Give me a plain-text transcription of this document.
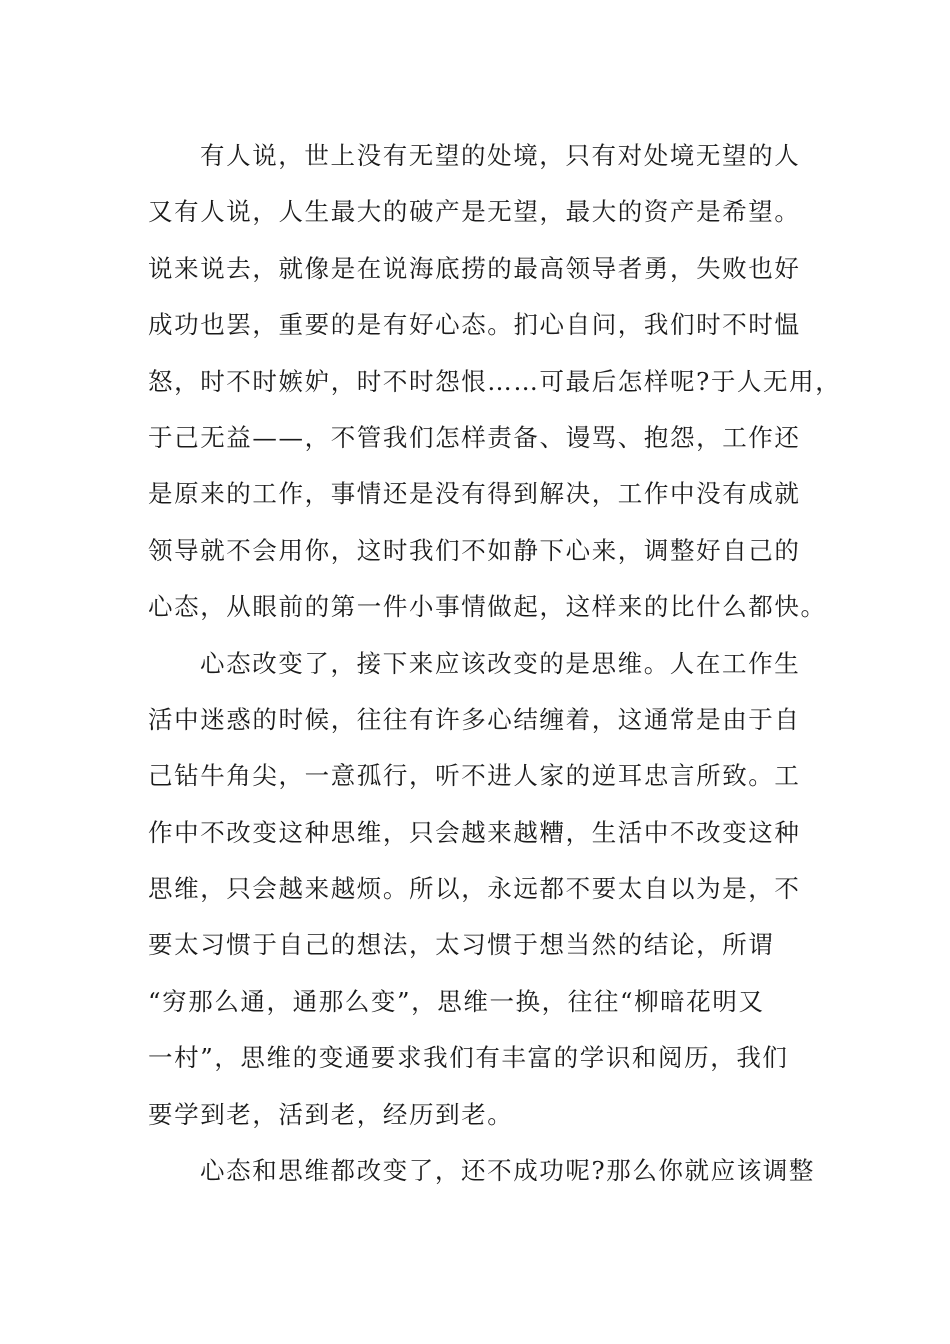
有人说，世上没有无望的处境，只有对处境无望的人
又有人说，人生最大的破产是无望，最大的资产是希望。
说来说去，就像是在说海底捞的最高领导者勇，失败也好
成功也罢，重要的是有好心态。扪心自问，我们时不时愠
怒，时不时嫉妒，时不时怨恨……可最后怎样呢?于人无用，
于己无益——，不管我们怎样责备、谩骂、抱怨，工作还
是原来的工作，事情还是没有得到解决，工作中没有成就
领导就不会用你，这时我们不如静下心来，调整好自己的
心态，从眼前的第一件小事情做起，这样来的比什么都快。
心态改变了，接下来应该改变的是思维。人在工作生
活中迷惑的时候，往往有许多心结缠着，这通常是由于自
己钻牛角尖，一意孤行，听不进人家的逆耳忠言所致。工
作中不改变这种思维，只会越来越糟，生活中不改变这种
思维，只会越来越烦。所以，永远都不要太自以为是，不
要太习惯于自己的想法，太习惯于想当然的结论，所谓
“穷那么通，通那么变”，思维一换，往往“柳暗花明又
一村”，思维的变通要求我们有丰富的学识和阅历，我们
要学到老，活到老，经历到老。
心态和思维都改变了，还不成功呢?那么你就应该调整
